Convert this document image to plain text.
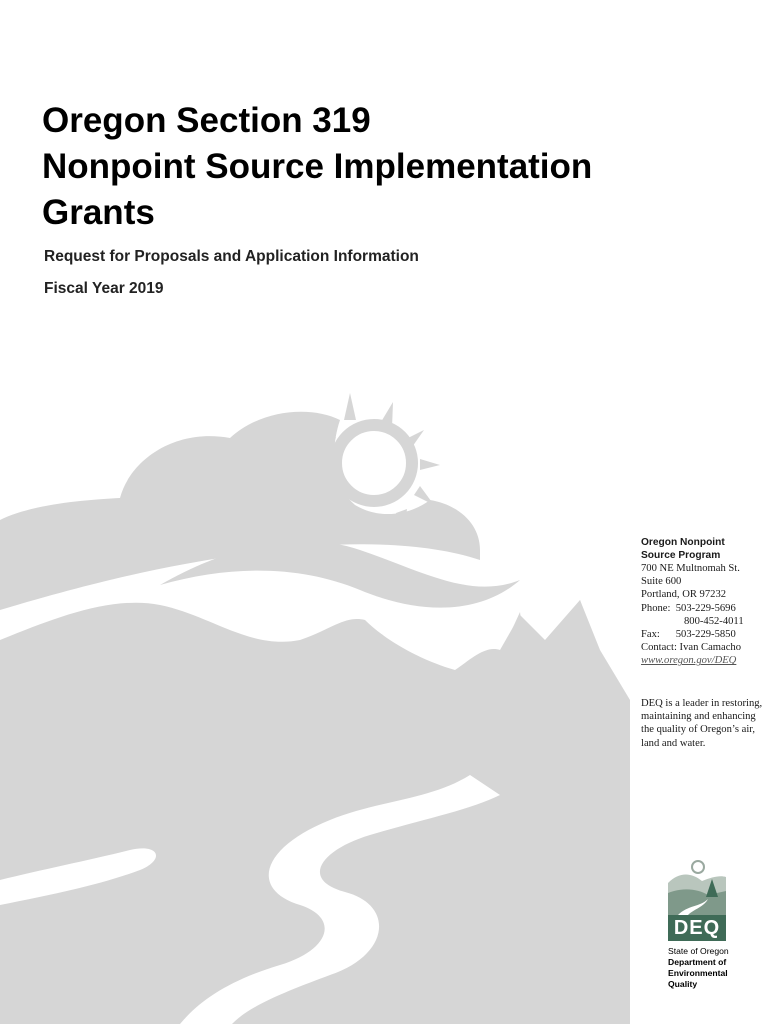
Oregon Section 319
Nonpoint Source Implementation
Grants
Request for Proposals and Application Information
Fiscal Year 2019
Oregon Nonpoint
Source Program
700 NE Multnomah St.
Suite 600
Portland, OR 97232
Phone: 503-229-5696
800-452-4011
Fax: 503-229-5850
Contact: Ivan Camacho
www.oregon.gov/DEQ
DEQ is a leader in restoring, maintaining and enhancing the quality of Oregon’s air, land and water.
DEQ
State of Oregon
Department of
Environmental
Quality
